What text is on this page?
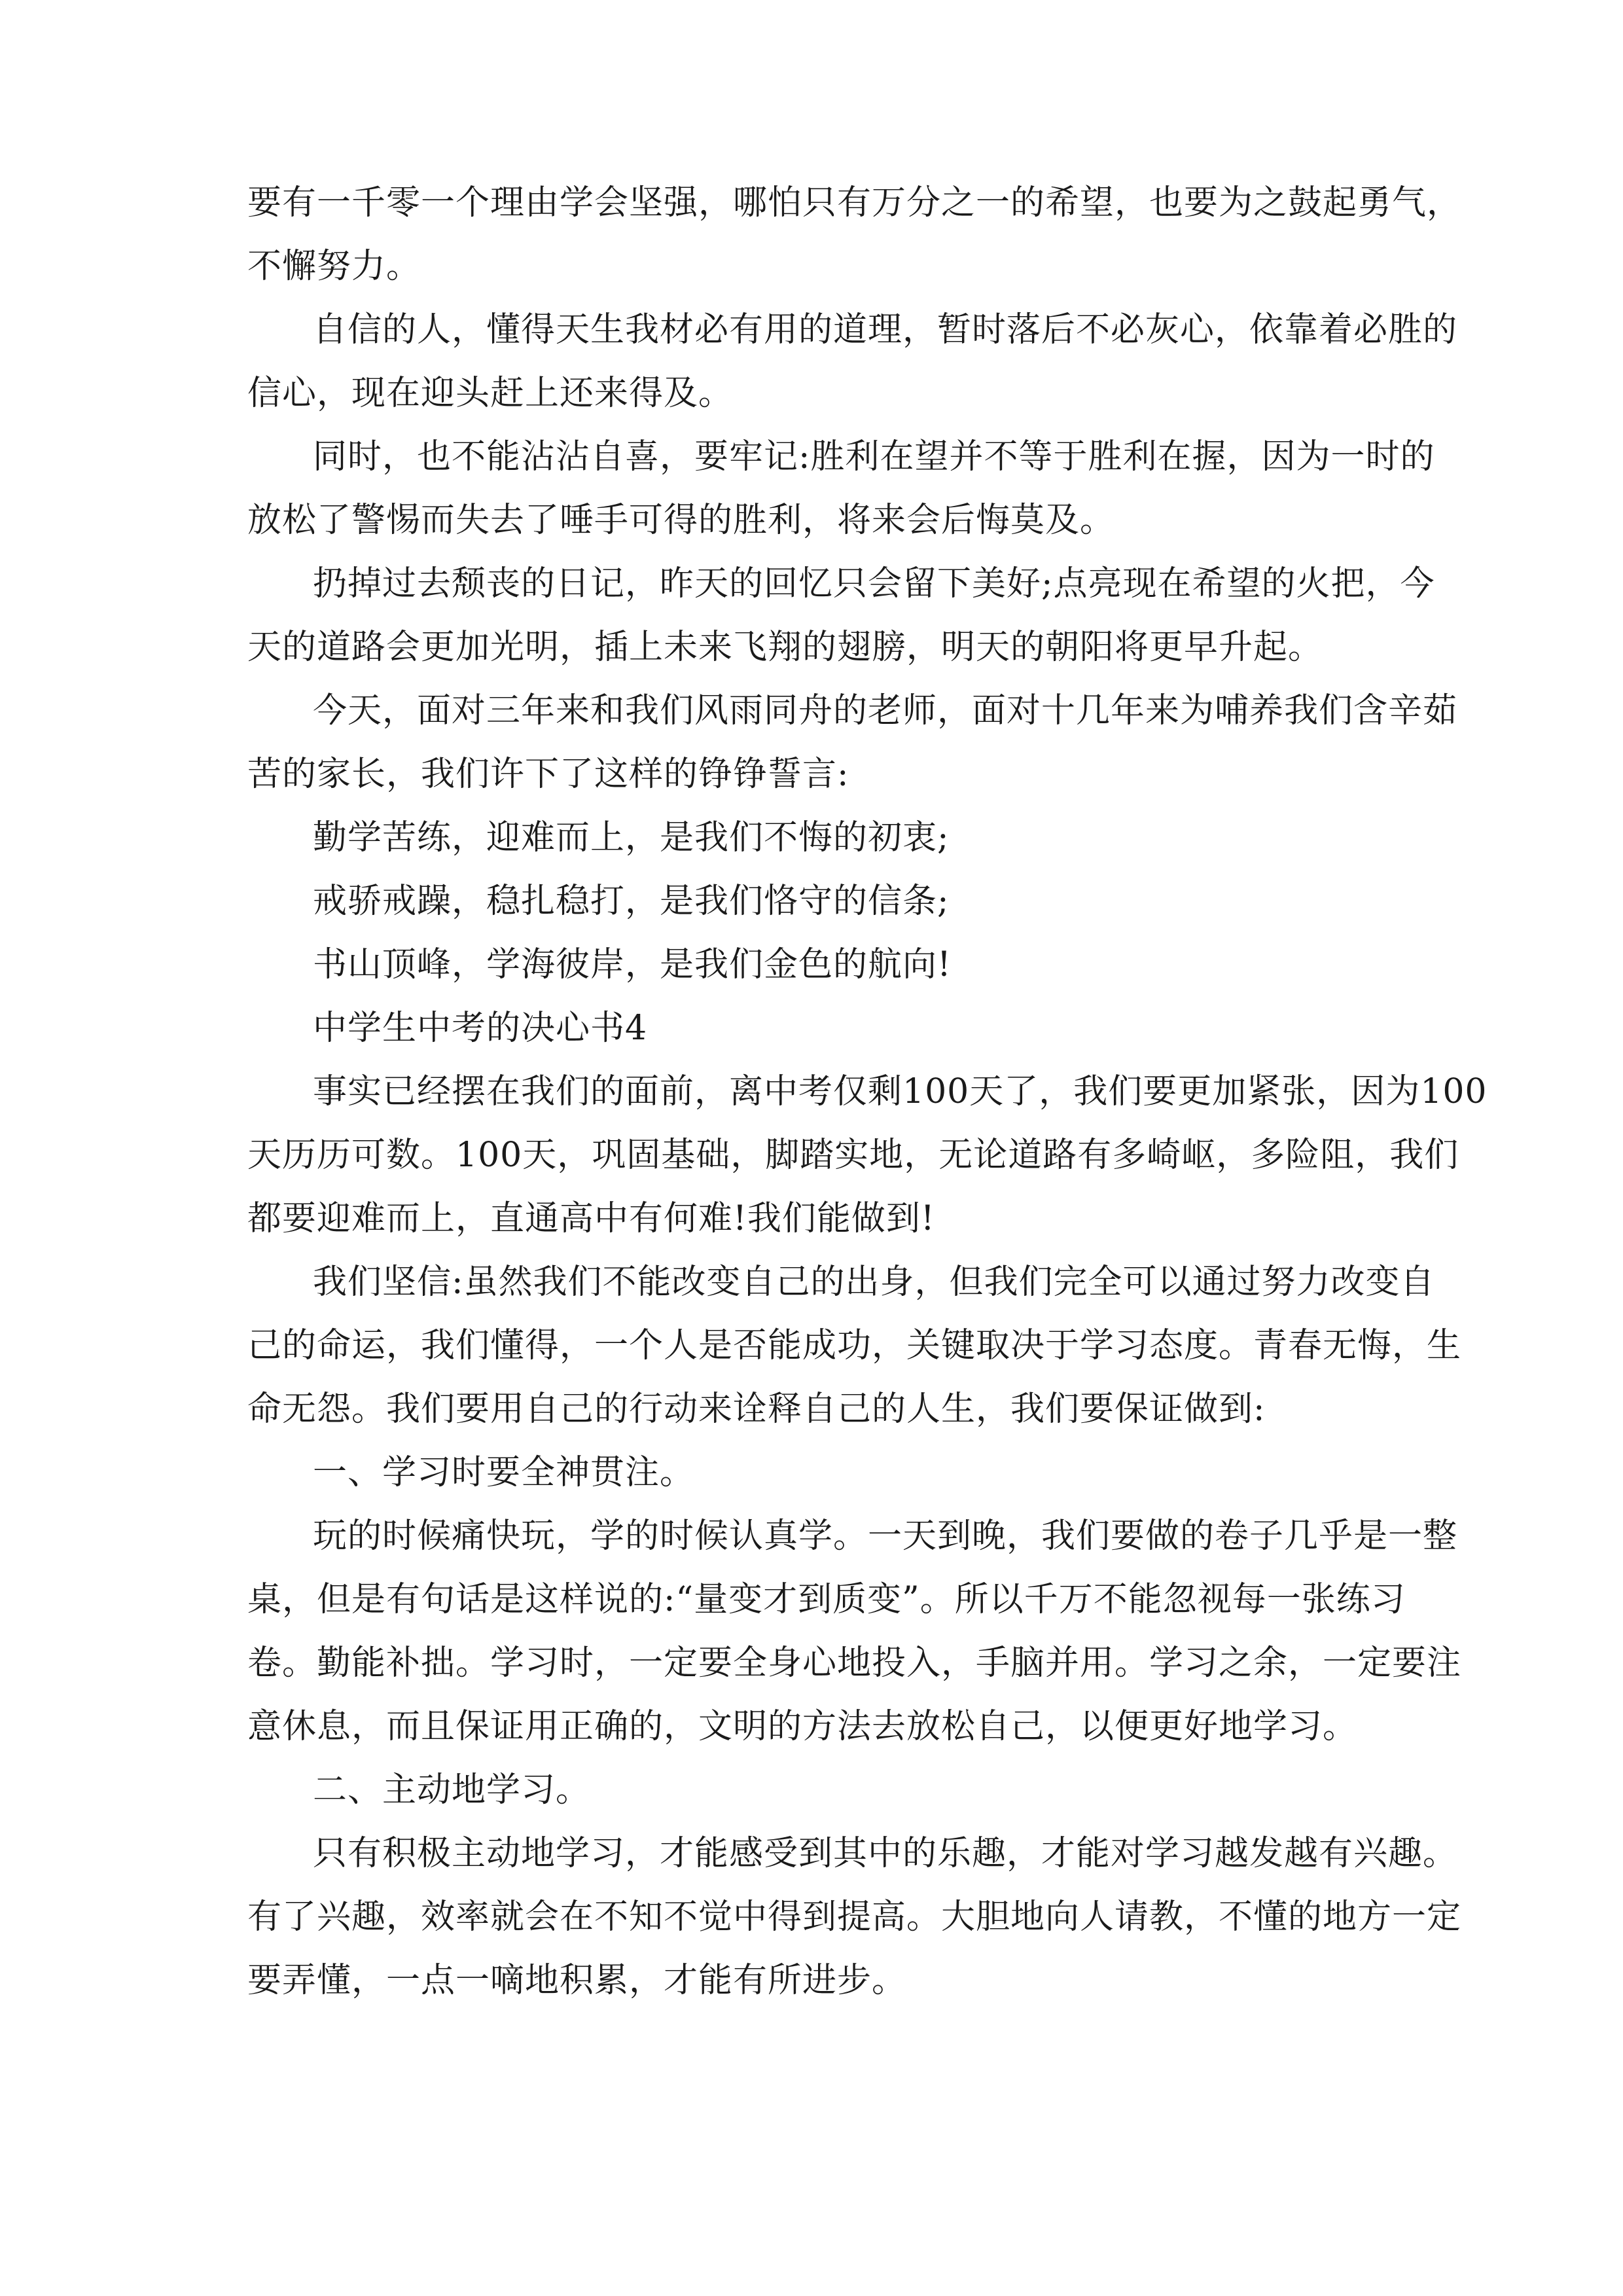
要有一千零一个理由学会坚强，哪怕只有万分之一的希望，也要为之鼓起勇气，
不懈努力。
自信的人，懂得天生我材必有用的道理，暂时落后不必灰心，依靠着必胜的
信心，现在迎头赶上还来得及。
同时，也不能沾沾自喜，要牢记:胜利在望并不等于胜利在握，因为一时的
放松了警惕而失去了唾手可得的胜利，将来会后悔莫及。
扔掉过去颓丧的日记，昨天的回忆只会留下美好;点亮现在希望的火把，今
天的道路会更加光明，插上未来飞翔的翅膀，明天的朝阳将更早升起。
今天，面对三年来和我们风雨同舟的老师，面对十几年来为哺养我们含辛茹
苦的家长，我们许下了这样的铮铮誓言:
勤学苦练，迎难而上，是我们不悔的初衷;
戒骄戒躁，稳扎稳打，是我们恪守的信条;
书山顶峰，学海彼岸，是我们金色的航向!
中学生中考的决心书4
事实已经摆在我们的面前，离中考仅剩100天了，我们要更加紧张，因为100
天历历可数。100天，巩固基础，脚踏实地，无论道路有多崎岖，多险阻，我们
都要迎难而上，直通高中有何难!我们能做到!
我们坚信:虽然我们不能改变自己的出身，但我们完全可以通过努力改变自
己的命运，我们懂得，一个人是否能成功，关键取决于学习态度。青春无悔，生
命无怨。我们要用自己的行动来诠释自己的人生，我们要保证做到:
一、学习时要全神贯注。
玩的时候痛快玩，学的时候认真学。一天到晚，我们要做的卷子几乎是一整
桌，但是有句话是这样说的:“量变才到质变”。所以千万不能忽视每一张练习
卷。勤能补拙。学习时，一定要全身心地投入，手脑并用。学习之余，一定要注
意休息，而且保证用正确的，文明的方法去放松自己，以便更好地学习。
二、主动地学习。
只有积极主动地学习，才能感受到其中的乐趣，才能对学习越发越有兴趣。
有了兴趣，效率就会在不知不觉中得到提高。大胆地向人请教，不懂的地方一定
要弄懂，一点一嘀地积累，才能有所进步。
